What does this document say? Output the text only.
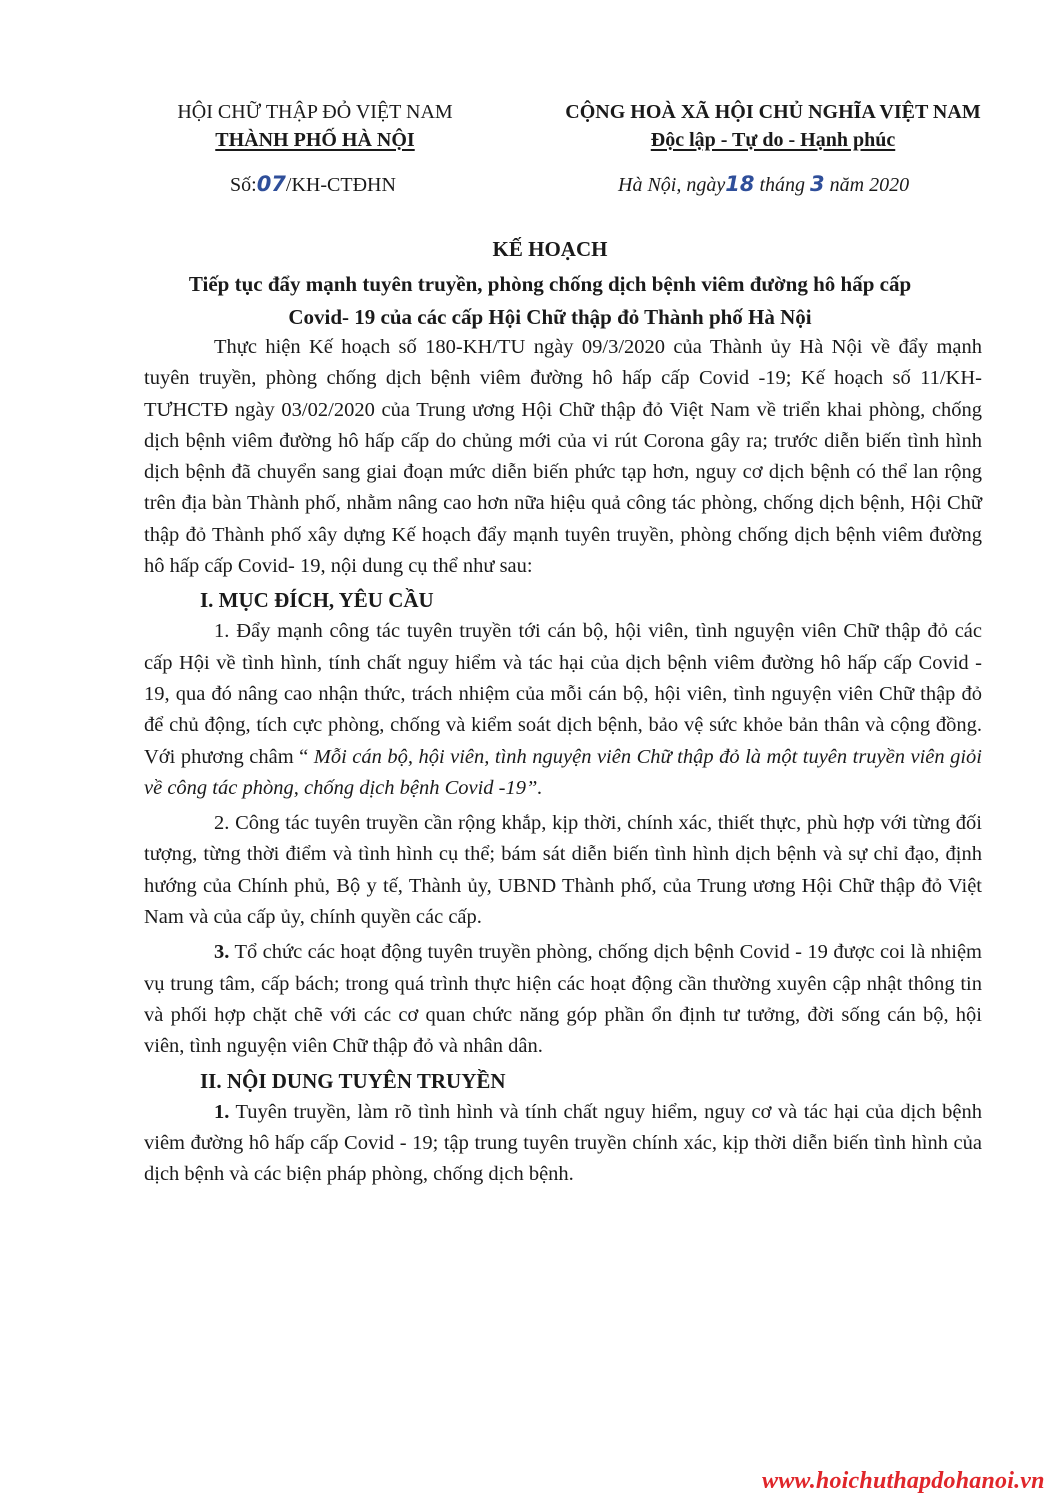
HỘI CHỮ THẬP ĐỎ VIỆT NAM
THÀNH PHỐ HÀ NỘI
CỘNG HOÀ XÃ HỘI CHỦ NGHĨA VIỆT NAM
Độc lập - Tự do - Hạnh phúc
Số:07/KH-CTĐHN	Hà Nội, ngày18 tháng 3 năm 2020
KẾ HOẠCH
Tiếp tục đẩy mạnh tuyên truyền, phòng chống dịch bệnh viêm đường hô hấp cấp
Covid- 19 của các cấp Hội Chữ thập đỏ Thành phố Hà Nội

Thực hiện Kế hoạch số 180-KH/TU ngày 09/3/2020 của Thành ủy Hà Nội về đẩy mạnh tuyên truyền, phòng chống dịch bệnh viêm đường hô hấp cấp Covid -19; Kế hoạch số 11/KH-TƯHCTĐ ngày 03/02/2020 của Trung ương Hội Chữ thập đỏ Việt Nam về triển khai phòng, chống dịch bệnh viêm đường hô hấp cấp do chủng mới của vi rút Corona gây ra; trước diễn biến tình hình dịch bệnh đã chuyển sang giai đoạn mức diễn biến phức tạp hơn, nguy cơ dịch bệnh có thể lan rộng trên địa bàn Thành phố, nhằm nâng cao hơn nữa hiệu quả công tác phòng, chống dịch bệnh, Hội Chữ thập đỏ Thành phố xây dựng Kế hoạch đẩy mạnh tuyên truyền, phòng chống dịch bệnh viêm đường hô hấp cấp Covid- 19, nội dung cụ thể như sau:

I. MỤC ĐÍCH, YÊU CẦU

1. Đẩy mạnh công tác tuyên truyền tới cán bộ, hội viên, tình nguyện viên Chữ thập đỏ các cấp Hội về tình hình, tính chất nguy hiểm và tác hại của dịch bệnh viêm đường hô hấp cấp Covid - 19, qua đó nâng cao nhận thức, trách nhiệm của mỗi cán bộ, hội viên, tình nguyện viên Chữ thập đỏ để chủ động, tích cực phòng, chống và kiểm soát dịch bệnh, bảo vệ sức khỏe bản thân và cộng đồng. Với phương châm “ Mỗi cán bộ, hội viên, tình nguyện viên Chữ thập đỏ là một tuyên truyền viên giỏi về công tác phòng, chống dịch bệnh Covid -19”.

2. Công tác tuyên truyền cần rộng khắp, kịp thời, chính xác, thiết thực, phù hợp với từng đối tượng, từng thời điểm và tình hình cụ thể; bám sát diễn biến tình hình dịch bệnh và sự chỉ đạo, định hướng của Chính phủ, Bộ y tế, Thành ủy, UBND Thành phố, của Trung ương Hội Chữ thập đỏ Việt Nam và của cấp ủy, chính quyền các cấp.

3. Tổ chức các hoạt động tuyên truyền phòng, chống dịch bệnh Covid - 19 được coi là nhiệm vụ trung tâm, cấp bách; trong quá trình thực hiện các hoạt động cần thường xuyên cập nhật thông tin và phối hợp chặt chẽ với các cơ quan chức năng góp phần ổn định tư tưởng, đời sống cán bộ, hội viên, tình nguyện viên Chữ thập đỏ và nhân dân.

II. NỘI DUNG TUYÊN TRUYỀN

1. Tuyên truyền, làm rõ tình hình và tính chất nguy hiểm, nguy cơ và tác hại của dịch bệnh viêm đường hô hấp cấp Covid - 19; tập trung tuyên truyền chính xác, kịp thời diễn biến tình hình của dịch bệnh và các biện pháp phòng, chống dịch bệnh.

www.hoichuthapdohanoi.vn
